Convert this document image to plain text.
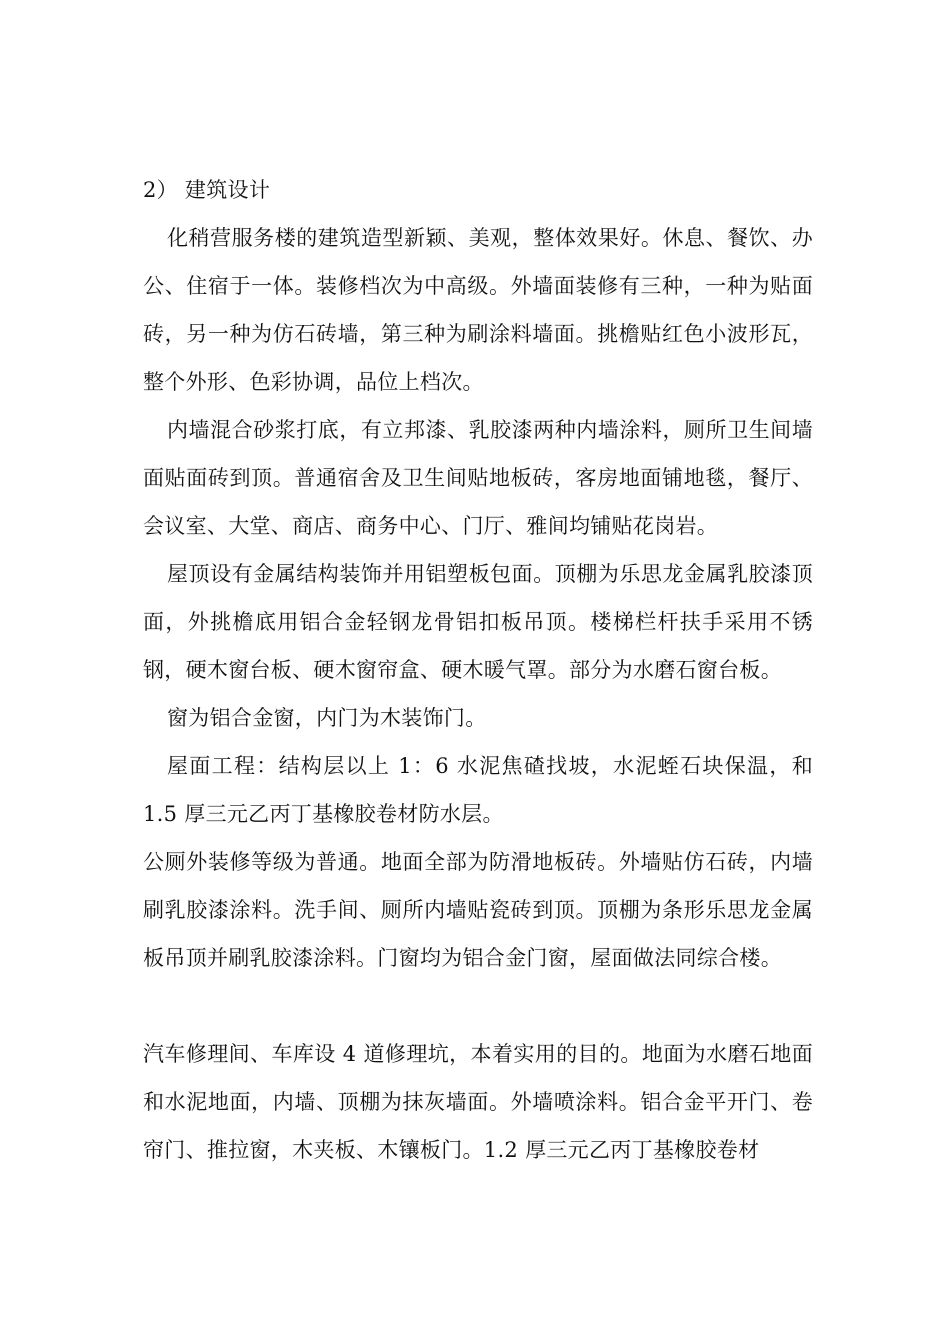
2） 建筑设计

化稍营服务楼的建筑造型新颖、美观，整体效果好。休息、餐饮、办公、住宿于一体。装修档次为中高级。外墙面装修有三种，一种为贴面砖，另一种为仿石砖墙，第三种为刷涂料墙面。挑檐贴红色小波形瓦，整个外形、色彩协调，品位上档次。

内墙混合砂浆打底，有立邦漆、乳胶漆两种内墙涂料，厕所卫生间墙面贴面砖到顶。普通宿舍及卫生间贴地板砖，客房地面铺地毯，餐厅、会议室、大堂、商店、商务中心、门厅、雅间均铺贴花岗岩。

屋顶设有金属结构装饰并用铝塑板包面。顶棚为乐思龙金属乳胶漆顶面，外挑檐底用铝合金轻钢龙骨铝扣板吊顶。楼梯栏杆扶手采用不锈钢，硬木窗台板、硬木窗帘盒、硬木暖气罩。部分为水磨石窗台板。

窗为铝合金窗，内门为木装饰门。

屋面工程：结构层以上 1：6 水泥焦碴找坡，水泥蛭石块保温，和 1.5 厚三元乙丙丁基橡胶卷材防水层。

公厕外装修等级为普通。地面全部为防滑地板砖。外墙贴仿石砖，内墙刷乳胶漆涂料。洗手间、厕所内墙贴瓷砖到顶。顶棚为条形乐思龙金属板吊顶并刷乳胶漆涂料。门窗均为铝合金门窗，屋面做法同综合楼。

汽车修理间、车库设 4 道修理坑，本着实用的目的。地面为水磨石地面和水泥地面，内墙、顶棚为抹灰墙面。外墙喷涂料。铝合金平开门、卷帘门、推拉窗，木夹板、木镶板门。1.2 厚三元乙丙丁基橡胶卷材
